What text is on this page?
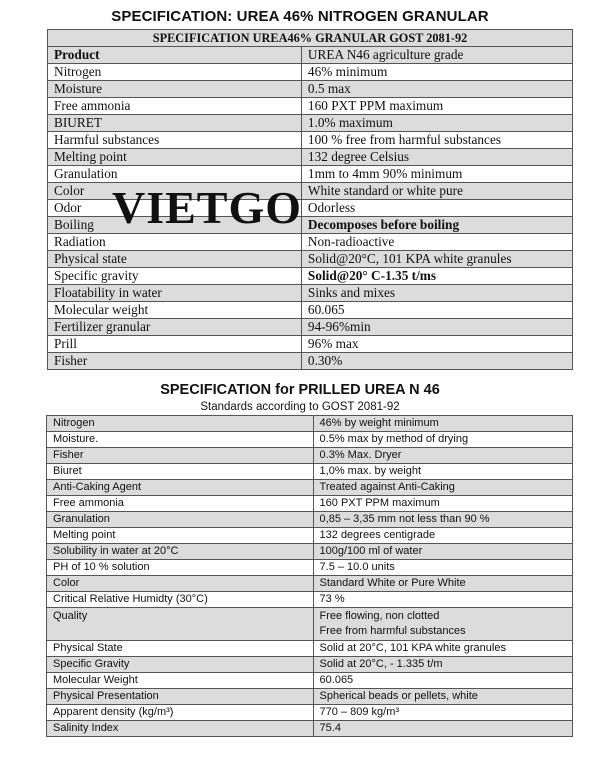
SPECIFICATION: UREA 46% NITROGEN GRANULAR
SPECIFICATION UREA46% GRANULAR GOST 2081-92	
Product	UREA N46 agriculture grade
Nitrogen	46% minimum
Moisture	0.5 max
Free ammonia	160 PXT PPM maximum
BIURET	1.0% maximum
Harmful substances	100 % free from harmful substances
Melting point	132 degree Celsius
Granulation	1mm to 4mm 90% minimum
Color	White standard or white pure
Odor	Odorless
Boiling	Decomposes before boiling
Radiation	Non-radioactive
Physical state	Solid@20°C, 101 KPA white granules
Specific gravity	Solid@20° C-1.35 t/ms
Floatability in water	Sinks and mixes
Molecular weight	60.065
Fertilizer granular	94-96%min
Prill	96% max
Fisher	0.30%
VIETGO
SPECIFICATION for PRILLED UREA N 46
Standards according to GOST 2081-92
Nitrogen	46% by weight minimum
Moisture.	0.5% max by method of drying
Fisher	0.3% Max. Dryer
Biuret	1,0% max. by weight
Anti-Caking Agent	Treated against Anti-Caking
Free ammonia	160 PXT PPM maximum
Granulation	0,85 – 3,35 mm not less than 90 %
Melting point	132 degrees centigrade
Solubility in water at 20°C	100g/100 ml of water
PH of 10 % solution	7.5 – 10.0 units
Color	Standard White or Pure White
Critical Relative Humidty (30°C)	73 %
Quality	Free flowing, non clotted
Free from harmful substances

Physical State	Solid at 20°C, 101 KPA white granules
Specific Gravity	Solid at 20°C, - 1.335 t/m
Molecular Weight	60.065
Physical Presentation	Spherical beads or pellets, white
Apparent density (kg/m³)	770 – 809 kg/m³
Salinity Index	75.4
